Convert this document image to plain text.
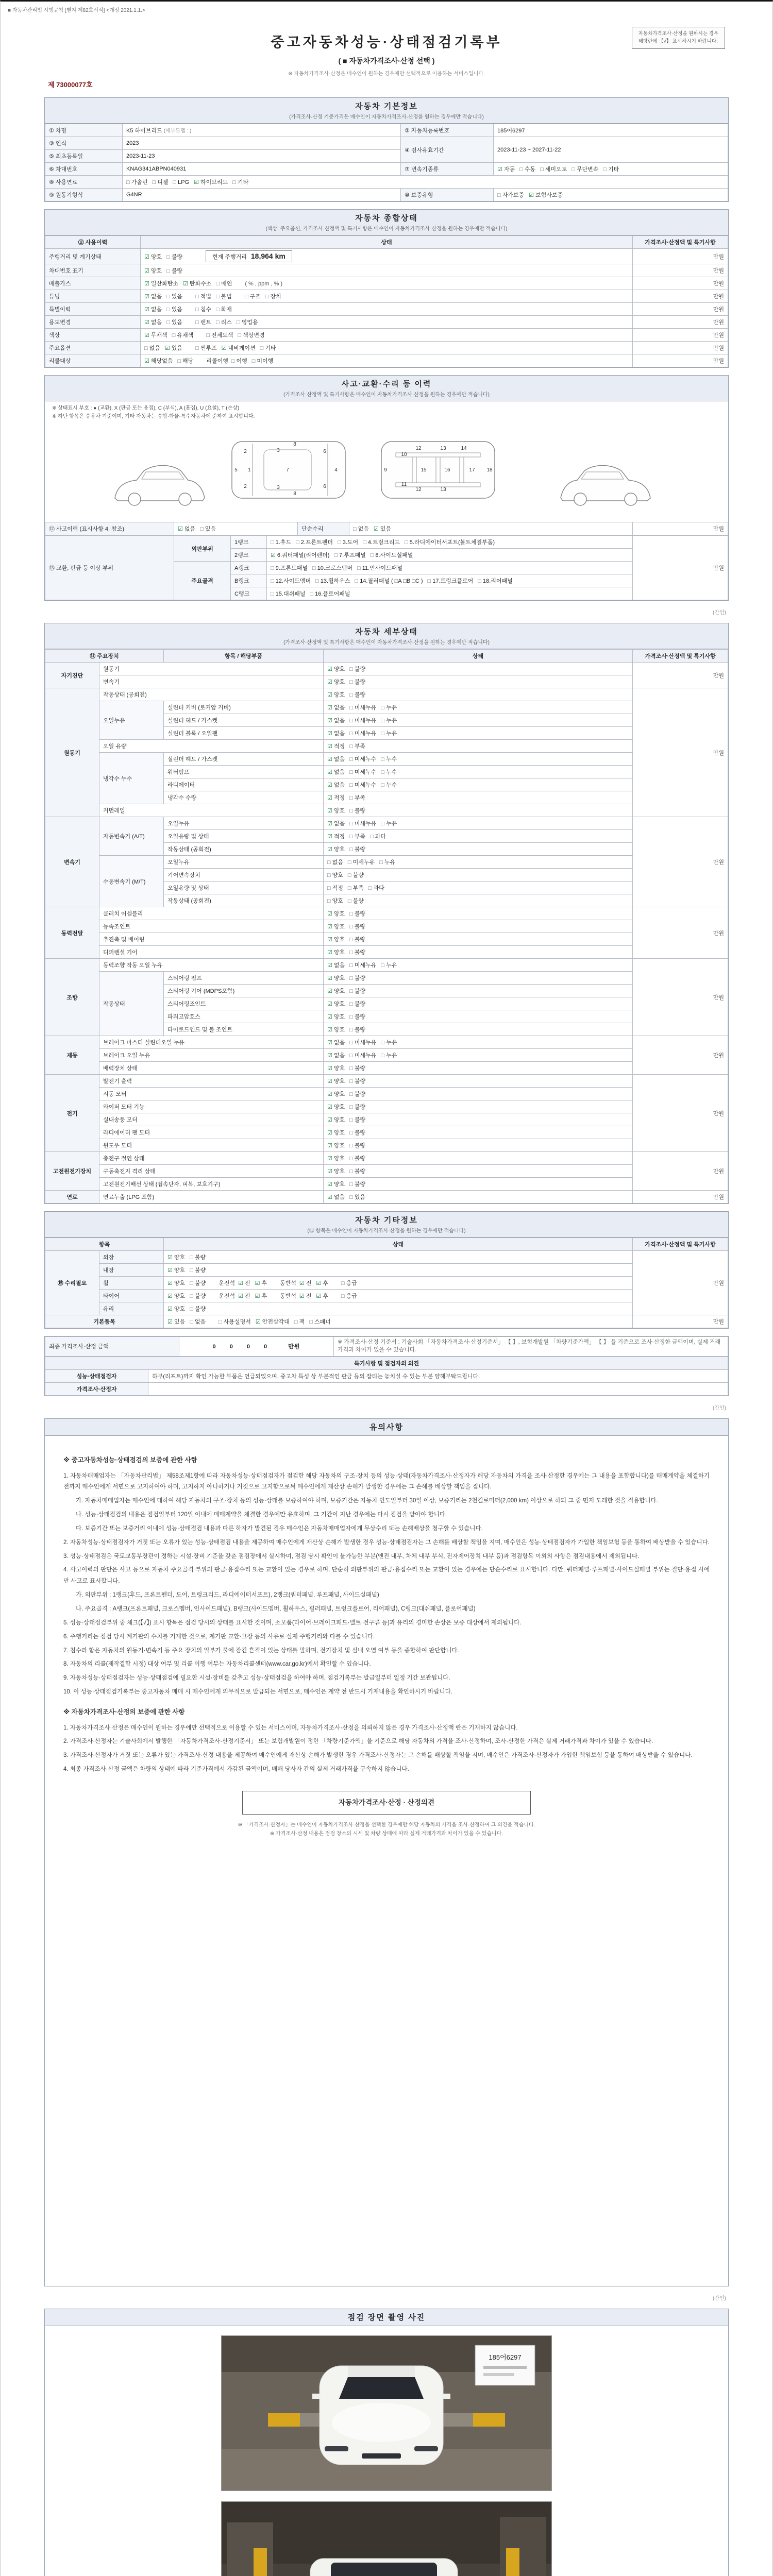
■ 자동차관리법 시행규칙 [별지 제82호서식] <개정 2021.1.1.>
제 73000077호
중고자동차성능·상태점검기록부
( ■ 자동차가격조사·산정 선택 )
※ 자동차가격조사·산정은 매수인이 원하는 경우에만 선택적으로 이용하는 서비스입니다.
자동차가격조사·산정을 원하시는 경우
해당란에 【√】 표시하시기 바랍니다.
자동차 기본정보
(가격조사·산정 기준가격은 매수인이 자동차가격조사·산정을 원하는 경우에만 적습니다)
① 차명	K5 하이브리드 (세부모델 : )	② 자동차등록번호	185어6297
③ 연식	2023	④ 검사유효기간	2023-11-23 ~ 2027-11-22
⑤ 최초등록일	2023-11-23		
⑥ 차대번호	KNAG341ABPN040931	⑦ 변속기종류	☑ 자동 □ 수동 □ 세미오토 □ 무단변속 □ 기타
⑧ 사용연료	□ 가솔린 □ 디젤 □ LPG ☑ 하이브리드 □ 기타		
⑨ 원동기형식	G4NR	⑩ 보증유형	□ 자가보증 ☑ 보험사보증
자동차 종합상태
(색상, 주요옵션, 가격조사·산정액 및 특기사항은 매수인이 자동차가격조사·산정을 원하는 경우에만 적습니다)
⑪ 사용이력	상태	가격조사·산정액 및 특기사항
주행거리 및 계기상태	☑ 양호 □ 불량 현재 주행거리 18,964 km	만원
차대번호 표기	☑ 양호 □ 불량	만원
배출가스	☑ 일산화탄소 ☑ 탄화수소 □ 매연 ( % , ppm , % )	만원
튜닝	☑ 없음 □ 있음 □ 적법 □ 불법 □ 구조 □ 장치	만원
특별이력	☑ 없음 □ 있음 □ 침수 □ 화재	만원
용도변경	☑ 없음 □ 있음 □ 렌트 □ 리스 □ 영업용	만원
색상	☑ 무채색 □ 유채색 □ 전체도색 □ 색상변경	만원
주요옵션	□ 없음 ☑ 있음 □ 썬루프 ☑ 네비게이션 □ 기타	만원
리콜대상	☑ 해당없음 □ 해당 리콜이행 □ 이행 □ 미이행	만원
사고·교환·수리 등 이력
(가격조사·산정액 및 특기사항은 매수인이 자동차가격조사·산정을 원하는 경우에만 적습니다)
※ 상태표시 부호 : ● (교환), X (판금 또는 용접), C (부식), A (흠집), U (요철), T (손상)
※ 하단 항목은 승용차 기준이며, 기타 자동차는 승합·화물·특수자동차에 준하여 표시합니다.
5 1
2
2
3
3
8
8
7
6
6
4	9
10
11
12
12
13
13
14
15	16	17 18
⑫ 사고이력 (표시사항 4. 참조)	☑ 없음 □ 있음	단순수리	□ 없음 ☑ 있음	만원
⑬ 교환, 판금 등 이상 부위	외판부위	1랭크	□ 1.후드 □ 2.프론트펜더 □ 3.도어 □ 4.트렁크리드 □ 5.라디에이터서포트(볼트체결부품)	만원
		2랭크	☑ 6.쿼터패널(리어펜더) □ 7.루프패널 □ 8.사이드실패널	
	주요골격	A랭크	□ 9.프론트패널 □ 10.크로스멤버 □ 11.인사이드패널	
		B랭크	□ 12.사이드멤버 □ 13.휠하우스 □ 14.필러패널 ( □A □B □C ) □ 17.트렁크플로어 □ 18.리어패널	
		C랭크	□ 15.대쉬패널 □ 16.플로어패널	
(간인)
자동차 세부상태
(가격조사·산정액 및 특기사항은 매수인이 자동차가격조사·산정을 원하는 경우에만 적습니다)
⑭ 주요장치		항목 / 해당부품	상태	가격조사·산정액 및 특기사항
자기진단	원동기		☑ 양호 □ 불량	만원
	변속기		☑ 양호 □ 불량	
원동기	작동상태 (공회전)		☑ 양호 □ 불량	만원
	오일누유	실린더 커버 (로커암 커버)	☑ 없음 □ 미세누유 □ 누유	
		실린더 헤드 / 가스켓	☑ 없음 □ 미세누유 □ 누유	
		실린더 블록 / 오일팬	☑ 없음 □ 미세누유 □ 누유	
	오일 유량		☑ 적정 □ 부족	
	냉각수 누수	실린더 헤드 / 가스켓	☑ 없음 □ 미세누수 □ 누수	
		워터펌프	☑ 없음 □ 미세누수 □ 누수	
		라디에이터	☑ 없음 □ 미세누수 □ 누수	
		냉각수 수량	☑ 적정 □ 부족	
	커먼레일		☑ 양호 □ 불량	
변속기	자동변속기 (A/T)	오일누유	☑ 없음 □ 미세누유 □ 누유	만원
		오일유량 및 상태	☑ 적정 □ 부족 □ 과다	
		작동상태 (공회전)	☑ 양호 □ 불량	
	수동변속기 (M/T)	오일누유	□ 없음 □ 미세누유 □ 누유	
		기어변속장치	□ 양호 □ 불량	
		오일유량 및 상태	□ 적정 □ 부족 □ 과다	
		작동상태 (공회전)	□ 양호 □ 불량	
동력전달	클러치 어셈블리		☑ 양호 □ 불량	만원
	등속조인트		☑ 양호 □ 불량	
	추진축 및 베어링		☑ 양호 □ 불량	
	디퍼렌셜 기어		☑ 양호 □ 불량	
조향	동력조향 작동 오일 누유		☑ 없음 □ 미세누유 □ 누유	만원
	작동상태	스티어링 펌프	☑ 양호 □ 불량	
		스티어링 기어 (MDPS포함)	☑ 양호 □ 불량	
		스티어링조인트	☑ 양호 □ 불량	
		파워고압호스	☑ 양호 □ 불량	
		타이로드엔드 및 볼 조인트	☑ 양호 □ 불량	
제동	브레이크 마스터 실린더오일 누유		☑ 없음 □ 미세누유 □ 누유	만원
	브레이크 오일 누유		☑ 없음 □ 미세누유 □ 누유	
	배력장치 상태		☑ 양호 □ 불량	
전기	발전기 출력		☑ 양호 □ 불량	만원
	시동 모터		☑ 양호 □ 불량	
	와이퍼 모터 기능		☑ 양호 □ 불량	
	실내송풍 모터		☑ 양호 □ 불량	
	라디에이터 팬 모터		☑ 양호 □ 불량	
	윈도우 모터		☑ 양호 □ 불량	
고전원전기장치	충전구 절연 상태		☑ 양호 □ 불량	만원
	구동축전지 격리 상태		☑ 양호 □ 불량	
	고전원전기배선 상태 (접속단자, 피복, 보호기구)		☑ 양호 □ 불량	
연료	연료누출 (LPG 포함)		☑ 없음 □ 있음	만원
자동차 기타정보
(⑮ 항목은 매수인이 자동차가격조사·산정을 원하는 경우에만 적습니다)
항목		상태	가격조사·산정액 및 특기사항
⑮ 수리필요	외장	☑ 양호 □ 불량	만원
	내장	☑ 양호 □ 불량	
	휠	☑ 양호 □ 불량 운전석 ☑ 전 ☑ 후 동반석 ☑ 전 ☑ 후 □ 응급	
	타이어	☑ 양호 □ 불량 운전석 ☑ 전 ☑ 후 동반석 ☑ 전 ☑ 후 □ 응급	
	유리	☑ 양호 □ 불량	
기본품목		☑ 있음 □ 없음 □ 사용설명서 ☑ 안전삼각대 □ 잭 □ 스패너	만원
최종 가격조사·산정 금액	0 0 0 0	만원	※ 가격조사·산정 기준서 : 기술사회 「자동차가격조사·산정기준서」 【 】, 보험개발원 「차량기준가액」 【 】 을 기준으로 조사·산정한 금액이며, 실제 거래가격과 차이가 있을 수 있습니다.
특기사항 및 점검자의 의견	
성능·상태점검자	하부(리프트)까지 확인 가능한 부품은 언급되었으며, 중고차 특성 상 부분적인 판금 등의 잡티는 놓치실 수 있는 부분 양해부탁드립니다.
가격조사·산정자	
(간인)
유의사항
※ 중고자동차성능·상태점검의 보증에 관한 사항
1. 자동차매매업자는 「자동차관리법」 제58조제1항에 따라 자동차성능·상태점검자가 점검한 해당 자동차의 구조·장치 등의 성능·상태(자동차가격조사·산정자가 해당 자동차의 가격을 조사·산정한 경우에는 그 내용을 포함합니다)를 매매계약을 체결하기 전까지 매수인에게 서면으로 고지하여야 하며, 고지하지 아니하거나 거짓으로 고지함으로써 매수인에게 재산상 손해가 발생한 경우에는 그 손해를 배상할 책임을 집니다.
가. 자동차매매업자는 매수인에 대하여 해당 자동차의 구조·장치 등의 성능·상태를 보증하여야 하며, 보증기간은 자동차 인도일부터 30일 이상, 보증거리는 2천킬로미터(2,000 km) 이상으로 하되 그 중 먼저 도래한 것을 적용합니다.
나. 성능·상태점검의 내용은 점검일부터 120일 이내에 매매계약을 체결한 경우에만 유효하며, 그 기간이 지난 경우에는 다시 점검을 받아야 합니다.
다. 보증기간 또는 보증거리 이내에 성능·상태점검 내용과 다른 하자가 발견된 경우 매수인은 자동차매매업자에게 무상수리 또는 손해배상을 청구할 수 있습니다.
2. 자동차성능·상태점검자가 거짓 또는 오류가 있는 성능·상태점검 내용을 제공하여 매수인에게 재산상 손해가 발생한 경우 성능·상태점검자는 그 손해를 배상할 책임을 지며, 매수인은 성능·상태점검자가 가입한 책임보험 등을 통하여 배상받을 수 있습니다.
3. 성능·상태점검은 국토교통부장관이 정하는 시설·장비 기준을 갖춘 점검장에서 실시하며, 점검 당시 확인이 불가능한 부분(엔진 내부, 차체 내부 부식, 전자제어장치 내부 등)과 점검항목 이외의 사항은 점검내용에서 제외됩니다.
4. 사고이력의 판단은 사고 등으로 자동차 주요골격 부위의 판금·용접수리 또는 교환이 있는 경우로 하며, 단순히 외판부위의 판금·용접수리 또는 교환이 있는 경우에는 단순수리로 표시합니다. 다만, 쿼터패널·루프패널·사이드실패널 부위는 절단·용접 시에만 사고로 표시합니다.
가. 외판부위 : 1랭크(후드, 프론트펜더, 도어, 트렁크리드, 라디에이터서포트), 2랭크(쿼터패널, 루프패널, 사이드실패널)
나. 주요골격 : A랭크(프론트패널, 크로스멤버, 인사이드패널), B랭크(사이드멤버, 휠하우스, 필러패널, 트렁크플로어, 리어패널), C랭크(대쉬패널, 플로어패널)
5. 성능·상태점검부위 중 체크(【√】) 표시 항목은 점검 당시의 상태를 표시한 것이며, 소모품(타이어·브레이크패드·벨트·전구류 등)과 유리의 경미한 손상은 보증 대상에서 제외됩니다.
6. 주행거리는 점검 당시 계기판의 수치를 기재한 것으로, 계기판 교환·고장 등의 사유로 실제 주행거리와 다를 수 있습니다.
7. 침수라 함은 자동차의 원동기·변속기 등 주요 장치의 일부가 물에 잠긴 흔적이 있는 상태를 말하며, 전기장치 및 실내 오염 여부 등을 종합하여 판단합니다.
8. 자동차의 리콜(제작결함 시정) 대상 여부 및 리콜 이행 여부는 자동차리콜센터(www.car.go.kr)에서 확인할 수 있습니다.
9. 자동차성능·상태점검자는 성능·상태점검에 필요한 시설·장비를 갖추고 성능·상태점검을 하여야 하며, 점검기록부는 발급일부터 일정 기간 보관됩니다.
10. 이 성능·상태점검기록부는 중고자동차 매매 시 매수인에게 의무적으로 발급되는 서면으로, 매수인은 계약 전 반드시 기재내용을 확인하시기 바랍니다.
※ 자동차가격조사·산정의 보증에 관한 사항
1. 자동차가격조사·산정은 매수인이 원하는 경우에만 선택적으로 이용할 수 있는 서비스이며, 자동차가격조사·산정을 의뢰하지 않은 경우 가격조사·산정액 란은 기재하지 않습니다.
2. 가격조사·산정자는 기술사회에서 발행한 「자동차가격조사·산정기준서」 또는 보험개발원이 정한 「차량기준가액」을 기준으로 해당 자동차의 가격을 조사·산정하며, 조사·산정한 가격은 실제 거래가격과 차이가 있을 수 있습니다.
3. 가격조사·산정자가 거짓 또는 오류가 있는 가격조사·산정 내용을 제공하여 매수인에게 재산상 손해가 발생한 경우 가격조사·산정자는 그 손해를 배상할 책임을 지며, 매수인은 가격조사·산정자가 가입한 책임보험 등을 통하여 배상받을 수 있습니다.
4. 최종 가격조사·산정 금액은 차량의 상태에 따라 기준가격에서 가감된 금액이며, 매매 당사자 간의 실제 거래가격을 구속하지 않습니다.
자동차가격조사·산정 · 산정의견
※ 「가격조사·산정자」는 매수인이 자동차가격조사·산정을 선택한 경우에만 해당 자동차의 가격을 조사·산정하여 그 의견을 적습니다.
※ 가격조사·산정 내용은 점검 장소의 시세 및 차량 상태에 따라 실제 거래가격과 차이가 있을 수 있습니다.
(간인)
점검 장면 촬영 사진
185어6297
